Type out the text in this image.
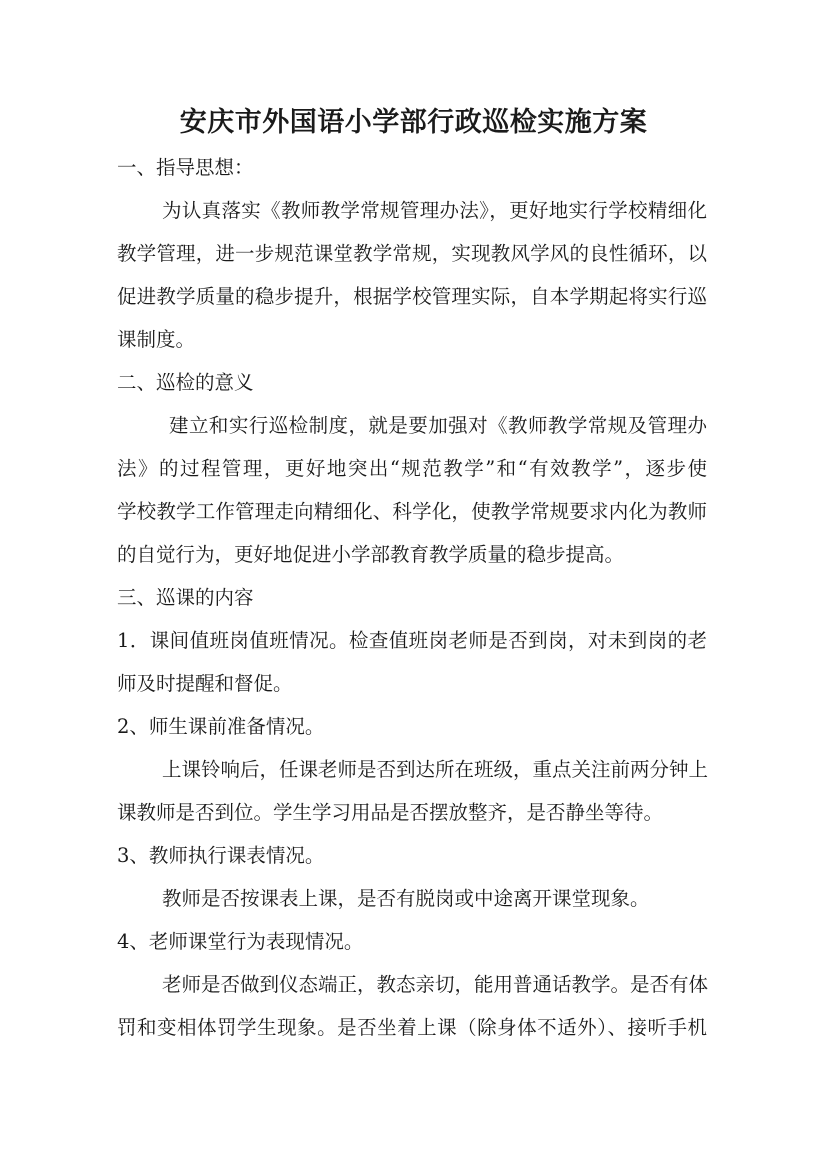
安庆市外国语小学部行政巡检实施方案

一、指导思想：

为认真落实《教师教学常规管理办法》，更好地实行学校精细化

教学管理，进一步规范课堂教学常规，实现教风学风的良性循环，以

促进教学质量的稳步提升，根据学校管理实际，自本学期起将实行巡

课制度。

二、巡检的意义

建立和实行巡检制度，就是要加强对《教师教学常规及管理办

法》的过程管理，更好地突出“规范教学”和“有效教学”，逐步使

学校教学工作管理走向精细化、科学化，使教学常规要求内化为教师

的自觉行为，更好地促进小学部教育教学质量的稳步提高。

三、巡课的内容

1．课间值班岗值班情况。检查值班岗老师是否到岗，对未到岗的老

师及时提醒和督促。

2、师生课前准备情况。

上课铃响后，任课老师是否到达所在班级，重点关注前两分钟上

课教师是否到位。学生学习用品是否摆放整齐，是否静坐等待。

3、教师执行课表情况。

教师是否按课表上课，是否有脱岗或中途离开课堂现象。

4、老师课堂行为表现情况。

老师是否做到仪态端正，教态亲切，能用普通话教学。是否有体

罚和变相体罚学生现象。是否坐着上课（除身体不适外）、接听手机
